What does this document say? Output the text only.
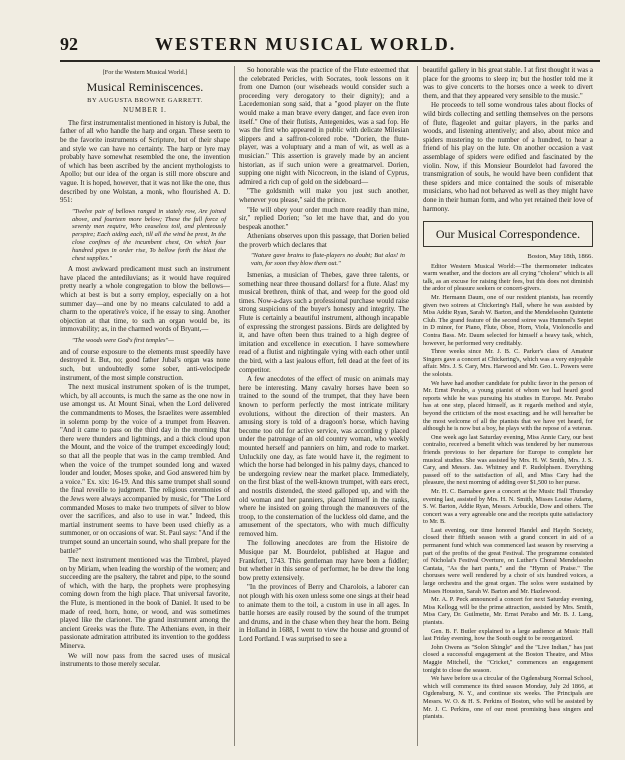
92	WESTERN MUSICAL WORLD.

[For the Western Musical World.]

Musical Reminiscences.

BY AUGUSTA BROWNE GARRETT.

NUMBER I.

The first instrumentalist mentioned in history is Jubal, the father of all who handle the harp and organ. These seem to be the favorite instruments of Scripture, but of their shape and style we can have no certainty. The harp or lyre may probably have somewhat resembled the one, the invention of which has been ascribed by the ancient mythologists to Apollo; but our idea of the organ is still more obscure and vague. It is hoped, however, that it was not like the one, thus described by one Wolstan, a monk, who flourished A. D. 951:

"Twelve pair of bellows ranged in stately row, Are joined above, and fourteen more below; These the full force of seventy men require, Who ceaseless toil, and plenteously perspire; Each aiding each, till all the wind be prest, In the close confines of the incumbent chest, On which four hundred pipes in order rise, To bellow forth the blast the chest supplies."

A most awkward predicament must such an instrument have placed the antediluvians; as it would have required pretty nearly a whole congregation to blow the bellows—which at best is but a sorry employ, especially on a hot summer day—and one by no means calculated to add a charm to the operative's voice, if he essay to sing. Another objection at that time, to such an organ would be, its immovability; as, in the charmed words of Bryant,—

"The woods were God's first temples"—

and of course exposure to the elements must speedily have destroyed it. But, no; good father Jubal's organ was none such, but undoubtedly some sober, anti-velocipede instrument, of the most simple construction.

The next musical instrument spoken of is the trumpet, which, by all accounts, is much the same as the one now in use amongst us. At Mount Sinai, when the Lord delivered the commandments to Moses, the Israelites were assembled in solemn pomp by the voice of a trumpet from Heaven. "And it came to pass on the third day in the morning that there were thunders and lightnings, and a thick cloud upon the Mount, and the voice of the trumpet exceedingly loud; so that all the people that was in the camp trembled. And when the voice of the trumpet sounded long and waxed louder and louder, Moses spoke, and God answered him by a voice." Ex. xix: 16-19. And this same trumpet shall sound the final reveille to judgment. The religious ceremonies of the Jews were always accompanied by music, for "The Lord commanded Moses to make two trumpets of silver to blow over the sacrifices, and also to use in war." Indeed, this martial instrument seems to have been used chiefly as a summoner, or on occasions of war. St. Paul says: "And if the trumpet sound an uncertain sound, who shall prepare for the battle?"

The next instrument mentioned was the Timbrel, played on by Miriam, when leading the worship of the women; and succeeding are the psaltery, the tabret and pipe, to the sound of which, with the harp, the prophets were prophesying coming down from the high place. That universal favorite, the Flute, is mentioned in the book of Daniel. It used to be made of reed, horn, hone, or wood, and was sometimes played like the clarionet. The grand instrument among the ancient Greeks was the flute. The Athenians even, in their passionate admiration attributed its invention to the goddess Minerva.

We will now pass from the sacred uses of musical instruments to those merely secular.

So honorable was the practice of the Flute esteemed that the celebrated Pericles, with Socrates, took lessons on it from one Damon (our wiseheads would consider such a proceeding very derogatory to their dignity); and a Lacedemonian song said, that a "good player on the flute would make a man brave every danger, and face even iron itself." One of their flutists, Antegenides, was a sad fop. He was the first who appeared in public with delicate Milesian slippers and a saffron-colored robe. "Dorien, the flute-player, was a voluptuary and a man of wit, as well as a musician." This assertion is gravely made by an ancient historian, as if such union were a greatmarvel. Dorien, supping one night with Nicocreon, in the island of Cyprus, admired a rich cup of gold on the sideboard—

"The goldsmith will make you just such another, whenever you please," said the prince.

"He will obey your order much more readily than mine, sir," replied Dorien; "so let me have that, and do you bespeak another."

Athenians observes upon this passage, that Dorien belied the proverb which declares that

"Nature gave brains to flute-players no doubt; But alas! in vain, for soon they blow them out."

Ismenias, a musician of Thebes, gave three talents, or something near three thousand dollars! for a flute. Alas! my musical brethren, think of that, and weep for the good old times. Now-a-days such a professional purchase would raise strong suspicions of the buyer's honesty and integrity. The Flute is certainly a beautiful instrument, although incapable of expressing the strongest passions. Birds are delighted by it, and have often been thus trained to a high degree of imitation and excellence in execution. I have somewhere read of a flutist and nightingale vying with each other until the bird, with a last jealous effort, fell dead at the feet of its competitor.

A few anecdotes of the effect of music on animals may here be interesting. Many cavalry horses have been so trained to the sound of the trumpet, that they have been known to perform perfectly the most intricate military evolutions, without the direction of their masters. An amusing story is told of a dragoon's horse, which having become too old for active service, was according y placed under the patronage of an old country woman, who weekly mounted herself and panniers on him, and rode to market. Unluckily one day, as fate would have it, the regiment to which the horse had belonged in his palmy days, chanced to be undergoing review near the market place. Immediately, on the first blast of the well-known trumpet, with ears erect, and nostrils distended, the steed galloped up, and with the old woman and her panniers, placed himself in the ranks, where he insisted on going through the manœuvers of the troop, to the consternation of the luckless old dame, and the amusement of the spectators, who with much difficulty removed him.

The following anecdotes are from the Histoire de Musique par M. Bourdelot, published at Hague and Frankfort, 1743. This gentleman may have been a fiddler; but whether in this sense of performer, he be drew the long bow pretty extensively.

"In the provinces of Berry and Charolois, a laborer can not plough with his oxen unless some one sings at their head to animate them to the toil, a custom in use in all ages. In battle horses are easily roused by the sound of the trumpet and drums, and in the chase when they hear the horn. Being in Holland in 1688, I went to view the house and ground of Lord Portland. I was surprised to see a

beautiful gallery in his great stable. I at first thought it was a place for the grooms to sleep in; but the hostler told me it was to give concerts to the horses once a week to divert them, and that they appeared very sensible to the music."

He proceeds to tell some wondrous tales about flocks of wild birds collecting and settling themselves on the persons of flute, flageolet and guitar players, in the parks and woods, and listening attentively; and also, about mice and spiders mustering to the number of a hundred, to hear a friend of his play on the lute. On another occasion a vast assemblage of spiders were edified and fascinated by the violin. Now, if this Monsieur Bourdelot had favored the transmigration of souls, he would have been confident that these spiders and mice contained the souls of miserable musicians, who had not behaved as well as they might have done in their human form, and who yet retained their love of harmony.

Our Musical Correspondence.

Boston, May 18th, 1866.

Editor Western Musical World:—The thermometer indicates warm weather, and the doctors are all crying "cholera" which is all talk, as an excuse for raising their fees, but this does not diminish the ardor of pleasure seekers or concert-givers.

Mr. Hermann Daum, one of our resident pianists, has recently given two soirees at Chickering's Hall, where he was assisted by Miss Addie Ryan, Sarah W. Barton, and the Mendelssohn Quintette Club. The grand feature of the second soiree was Hummel's Septet in D minor, for Piano, Flute, Oboe, Horn, Viola, Violoncello and Contra Bass. Mr. Daum selected for himself a heavy task, which, however, he performed very creditably.

Three weeks since Mr. J. B. C. Parker's class of Amateur Singers gave a concert at Chickering's, which was a very enjoyable affair. Mrs. J. S. Cary, Mrs. Harwood and Mr. Geo. L. Powers were the soloists.

We have had another candidate for public favor in the person of Mr. Ernst Perabo, a young pianist of whom we had heard good reports while he was pursuing his studies in Europe. Mr. Perabo has at one step, placed himself, as it regards method and style, beyond the criticism of the most exacting; and he will hereafter be the most welcome of all the pianists that we have yet heard, for although he is now but a boy, he plays with the repose of a veteran.

One week ago last Saturday evening, Miss Annie Cary, our best contralto, received a benefit which was tendered by her numerous friends previous to her departure for Europe to complete her musical studies. She was assisted by Mrs. H. W. Smith, Mrs. J. S. Cary, and Messrs. Jas. Whitney and F. Rudolphsen. Everything passed off to the satisfaction of all, and Miss Cary had the pleasure, the next morning of adding over $1,500 to her purse.

Mr. H. C. Barnabee gave a concert at the Music Hall Thursday evening last, assisted by Mrs. H. N. Smith, Misses Louise Adams, S. W. Barton, Addie Ryan, Messrs. Arbuckle, Dow and others. The concert was a very agreeable one and the receipts quite satisfactory to Mr. B.

Last evening, our time honored Handel and Haydn Society, closed their fiftieth season with a grand concert in aid of a permanent fund which was commenced last season by reserving a part of the profits of the great Festival. The programme consisted of Nicholai's Festival Overture, on Luther's Choral Mendelssohn Cantata, "As the hart pants," and the "Hymn of Praise." The choruses were well rendered by a choir of six hundred voices, a large orchestra and the great organ. The solos were sustained by Misses Houston, Sarah W. Barton and Mr. Hazlewood.

Mr. A. P. Peck announced a concert for next Saturday evening, Miss Kellogg will be the prime attraction, assisted by Mrs. Smith, Miss Cary, Dr. Guilmette, Mr. Ernst Perabo and Mr. B. J. Lang, pianists.

Gen. B. F. Butler explained to a large audience at Music Hall last Friday evening, how the South ought to be reorganized.

John Owens as "Solon Shingle" and the "Live Indian," has just closed a successful engagement at the Boston Theatre, and Miss Maggie Mitchell, the "Cricket," commences an engagement tonight to close the season.

We have before us a circular of the Ogdensburg Normal School, which will commence its third season Monday, July 2d 1866, at Ogdensburg, N. Y., and continue six weeks. The Principals are Messrs. W. O. & H. S. Perkins of Boston, who will be assisted by Mr. J. C. Perkins, one of our most promising bass singers and pianists.
